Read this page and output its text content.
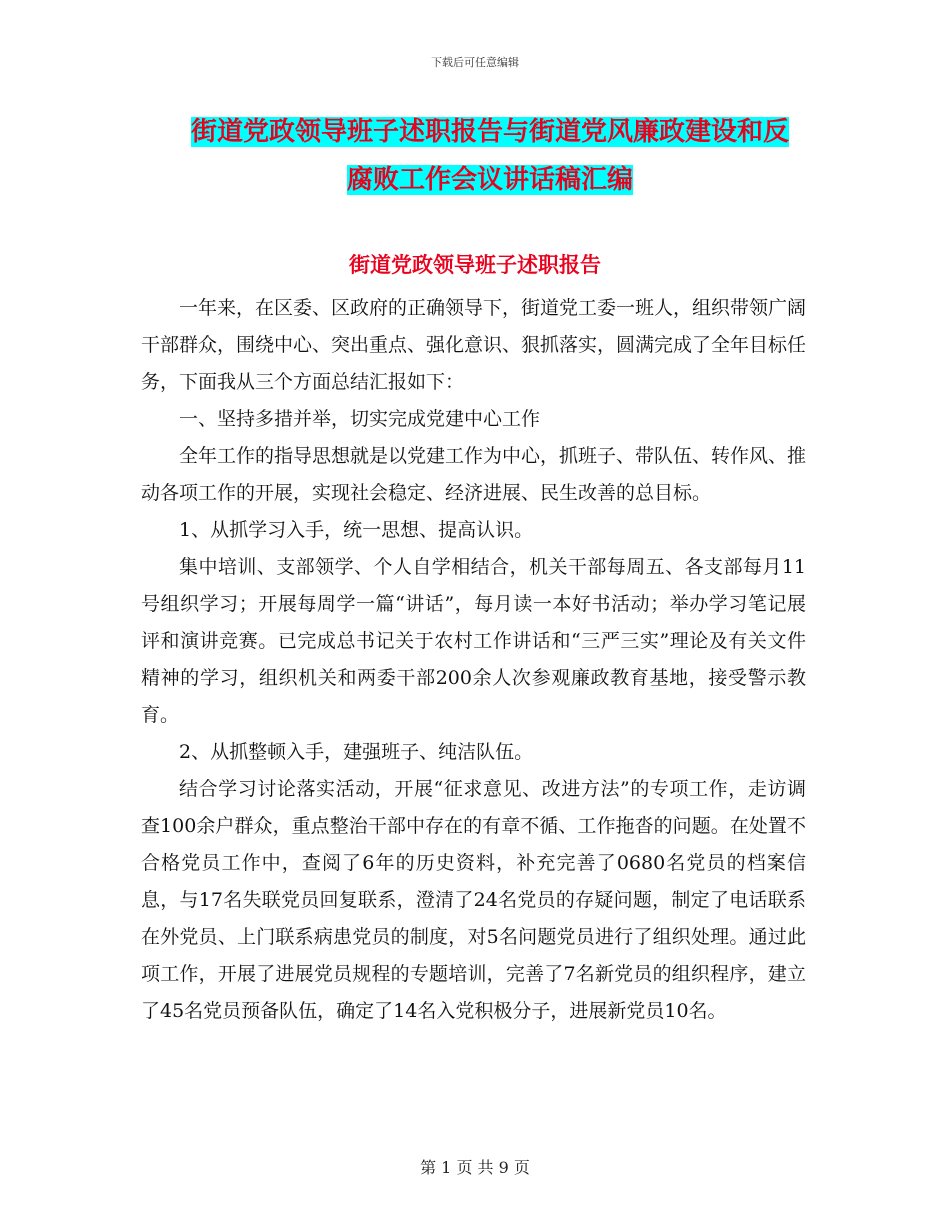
下载后可任意编辑
街道党政领导班子述职报告与街道党风廉政建设和反
腐败工作会议讲话稿汇编
街道党政领导班子述职报告

一年来，在区委、区政府的正确领导下，街道党工委一班人，组织带领广阔干部群众，围绕中心、突出重点、强化意识、狠抓落实，圆满完成了全年目标任务，下面我从三个方面总结汇报如下：

一、坚持多措并举，切实完成党建中心工作

全年工作的指导思想就是以党建工作为中心，抓班子、带队伍、转作风、推动各项工作的开展，实现社会稳定、经济进展、民生改善的总目标。

1、从抓学习入手，统一思想、提高认识。

集中培训、支部领学、个人自学相结合，机关干部每周五、各支部每月11号组织学习；开展每周学一篇“讲话”，每月读一本好书活动；举办学习笔记展评和演讲竞赛。已完成总书记关于农村工作讲话和“三严三实”理论及有关文件精神的学习，组织机关和两委干部200余人次参观廉政教育基地，接受警示教育。

2、从抓整顿入手，建强班子、纯洁队伍。

结合学习讨论落实活动，开展“征求意见、改进方法”的专项工作，走访调查100余户群众，重点整治干部中存在的有章不循、工作拖沓的问题。在处置不合格党员工作中，查阅了6年的历史资料，补充完善了0680名党员的档案信息，与17名失联党员回复联系，澄清了24名党员的存疑问题，制定了电话联系在外党员、上门联系病患党员的制度，对5名问题党员进行了组织处理。通过此项工作，开展了进展党员规程的专题培训，完善了7名新党员的组织程序，建立了45名党员预备队伍，确定了14名入党积极分子，进展新党员10名。

第 1 页 共 9 页
